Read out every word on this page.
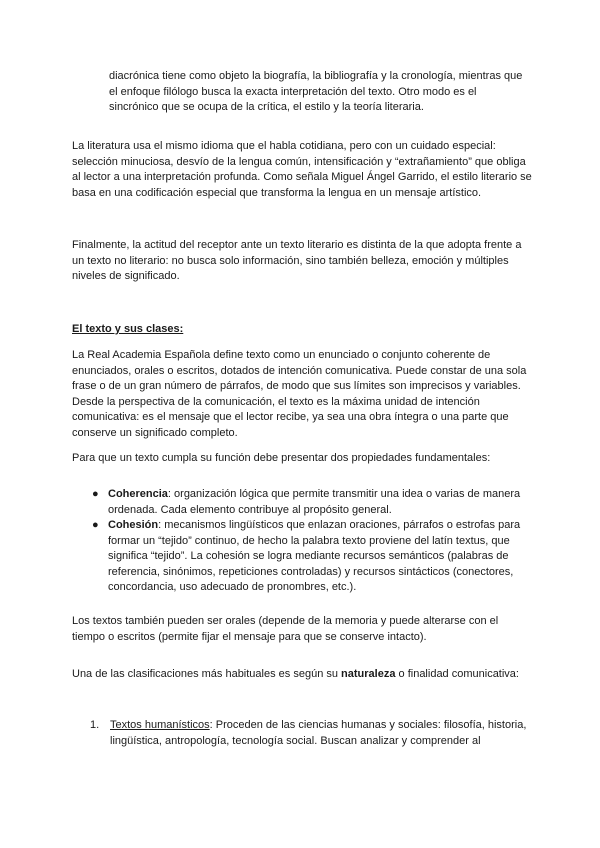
diacrónica tiene como objeto la biografía, la bibliografía y la cronología, mientras que el enfoque filólogo busca la exacta interpretación del texto. Otro modo es el sincrónico que se ocupa de la crítica, el estilo y la teoría literaria.

La literatura usa el mismo idioma que el habla cotidiana, pero con un cuidado especial: selección minuciosa, desvío de la lengua común, intensificación y “extrañamiento” que obliga al lector a una interpretación profunda. Como señala Miguel Ángel Garrido, el estilo literario se basa en una codificación especial que transforma la lengua en un mensaje artístico.

Finalmente, la actitud del receptor ante un texto literario es distinta de la que adopta frente a un texto no literario: no busca solo información, sino también belleza, emoción y múltiples niveles de significado.

El texto y sus clases:

La Real Academia Española define texto como un enunciado o conjunto coherente de enunciados, orales o escritos, dotados de intención comunicativa. Puede constar de una sola frase o de un gran número de párrafos, de modo que sus límites son imprecisos y variables. Desde la perspectiva de la comunicación, el texto es la máxima unidad de intención comunicativa: es el mensaje que el lector recibe, ya sea una obra íntegra o una parte que conserve un significado completo.

Para que un texto cumpla su función debe presentar dos propiedades fundamentales:

● Coherencia: organización lógica que permite transmitir una idea o varias de manera ordenada. Cada elemento contribuye al propósito general.
● Cohesión: mecanismos lingüísticos que enlazan oraciones, párrafos o estrofas para formar un “tejido” continuo, de hecho la palabra texto proviene del latín textus, que significa “tejido”. La cohesión se logra mediante recursos semánticos (palabras de referencia, sinónimos, repeticiones controladas) y recursos sintácticos (conectores, concordancia, uso adecuado de pronombres, etc.).

Los textos también pueden ser orales (depende de la memoria y puede alterarse con el tiempo o escritos (permite fijar el mensaje para que se conserve intacto).

Una de las clasificaciones más habituales es según su naturaleza o finalidad comunicativa:

1. Textos humanísticos: Proceden de las ciencias humanas y sociales: filosofía, historia, lingüística, antropología, tecnología social. Buscan analizar y comprender al
